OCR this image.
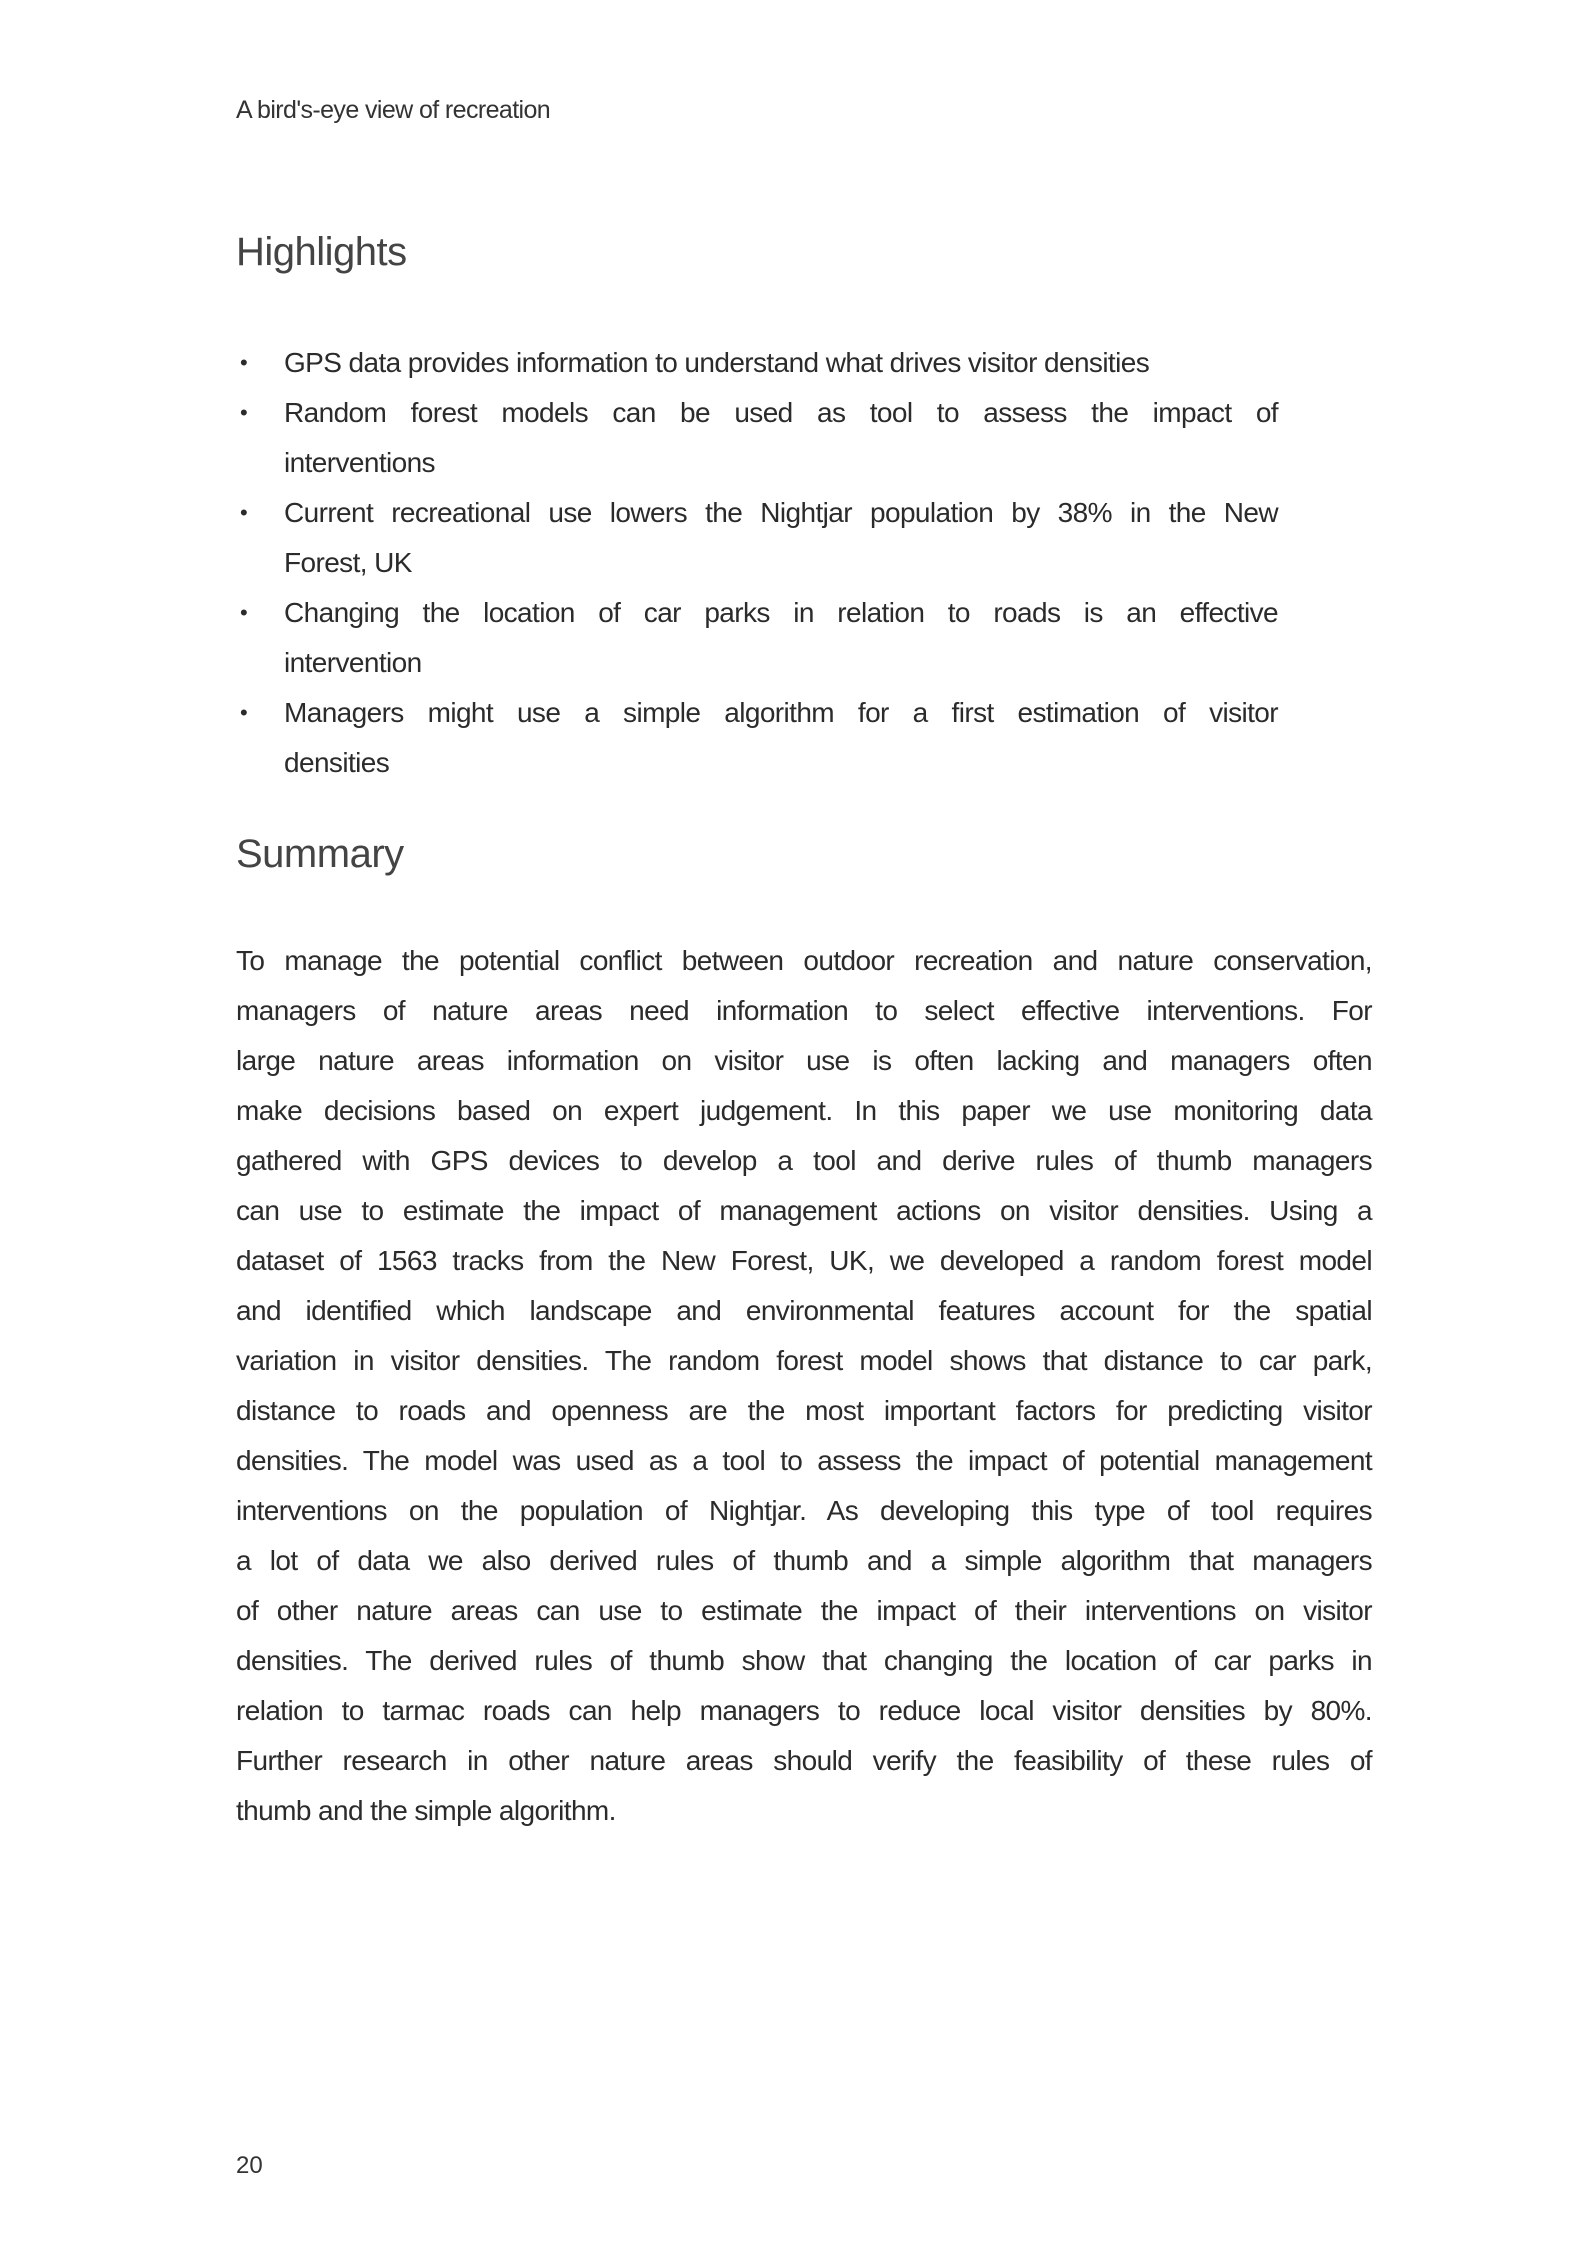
A bird's-eye view of recreation
Highlights
• GPS data provides information to understand what drives visitor densities
• Random forest models can be used as tool to assess the impact of
interventions
• Current recreational use lowers the Nightjar population by 38% in the New
Forest, UK
• Changing the location of car parks in relation to roads is an effective
intervention
• Managers might use a simple algorithm for a first estimation of visitor
densities
Summary
To manage the potential conflict between outdoor recreation and nature conservation,
managers of nature areas need information to select effective interventions. For
large nature areas information on visitor use is often lacking and managers often
make decisions based on expert judgement. In this paper we use monitoring data
gathered with GPS devices to develop a tool and derive rules of thumb managers
can use to estimate the impact of management actions on visitor densities. Using a
dataset of 1563 tracks from the New Forest, UK, we developed a random forest model
and identified which landscape and environmental features account for the spatial
variation in visitor densities. The random forest model shows that distance to car park,
distance to roads and openness are the most important factors for predicting visitor
densities. The model was used as a tool to assess the impact of potential management
interventions on the population of Nightjar. As developing this type of tool requires
a lot of data we also derived rules of thumb and a simple algorithm that managers
of other nature areas can use to estimate the impact of their interventions on visitor
densities. The derived rules of thumb show that changing the location of car parks in
relation to tarmac roads can help managers to reduce local visitor densities by 80%.
Further research in other nature areas should verify the feasibility of these rules of
thumb and the simple algorithm.
20
